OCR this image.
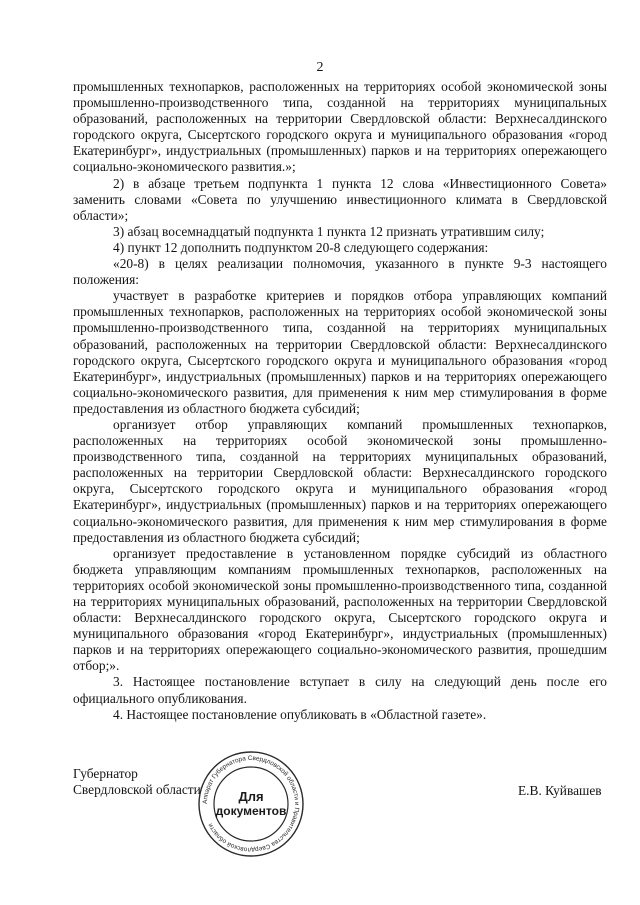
2

промышленных технопарков, расположенных на территориях особой экономической зоны промышленно-производственного типа, созданной на территориях муниципальных образований, расположенных на территории Свердловской области: Верхнесалдинского городского округа, Сысертского городского округа и муниципального образования «город Екатеринбург», индустриальных (промышленных) парков и на территориях опережающего социально-экономического развития.»;

2) в абзаце третьем подпункта 1 пункта 12 слова «Инвестиционного Совета» заменить словами «Совета по улучшению инвестиционного климата в Свердловской области»;

3) абзац восемнадцатый подпункта 1 пункта 12 признать утратившим силу;

4) пункт 12 дополнить подпунктом 20-8 следующего содержания:

«20-8) в целях реализации полномочия, указанного в пункте 9-3 настоящего положения:

участвует в разработке критериев и порядков отбора управляющих компаний промышленных технопарков, расположенных на территориях особой экономической зоны промышленно-производственного типа, созданной на территориях муниципальных образований, расположенных на территории Свердловской области: Верхнесалдинского городского округа, Сысертского городского округа и муниципального образования «город Екатеринбург», индустриальных (промышленных) парков и на территориях опережающего социально-экономического развития, для применения к ним мер стимулирования в форме предоставления из областного бюджета субсидий;

организует отбор управляющих компаний промышленных технопарков, расположенных на территориях особой экономической зоны промышленно-производственного типа, созданной на территориях муниципальных образований, расположенных на территории Свердловской области: Верхнесалдинского городского округа, Сысертского городского округа и муниципального образования «город Екатеринбург», индустриальных (промышленных) парков и на территориях опережающего социально-экономического развития, для применения к ним мер стимулирования в форме предоставления из областного бюджета субсидий;

организует предоставление в установленном порядке субсидий из областного бюджета управляющим компаниям промышленных технопарков, расположенных на территориях особой экономической зоны промышленно-производственного типа, созданной на территориях муниципальных образований, расположенных на территории Свердловской области: Верхнесалдинского городского округа, Сысертского городского округа и муниципального образования «город Екатеринбург», индустриальных (промышленных) парков и на территориях опережающего социально-экономического развития, прошедшим отбор;».

3. Настоящее постановление вступает в силу на следующий день после его официального опубликования.

4. Настоящее постановление опубликовать в «Областной газете».

Губернатор
Свердловской области	Е.В. Куйвашев
Аппарат Губернатора Свердловской области и Правительства Свердловской области
Для
документов
